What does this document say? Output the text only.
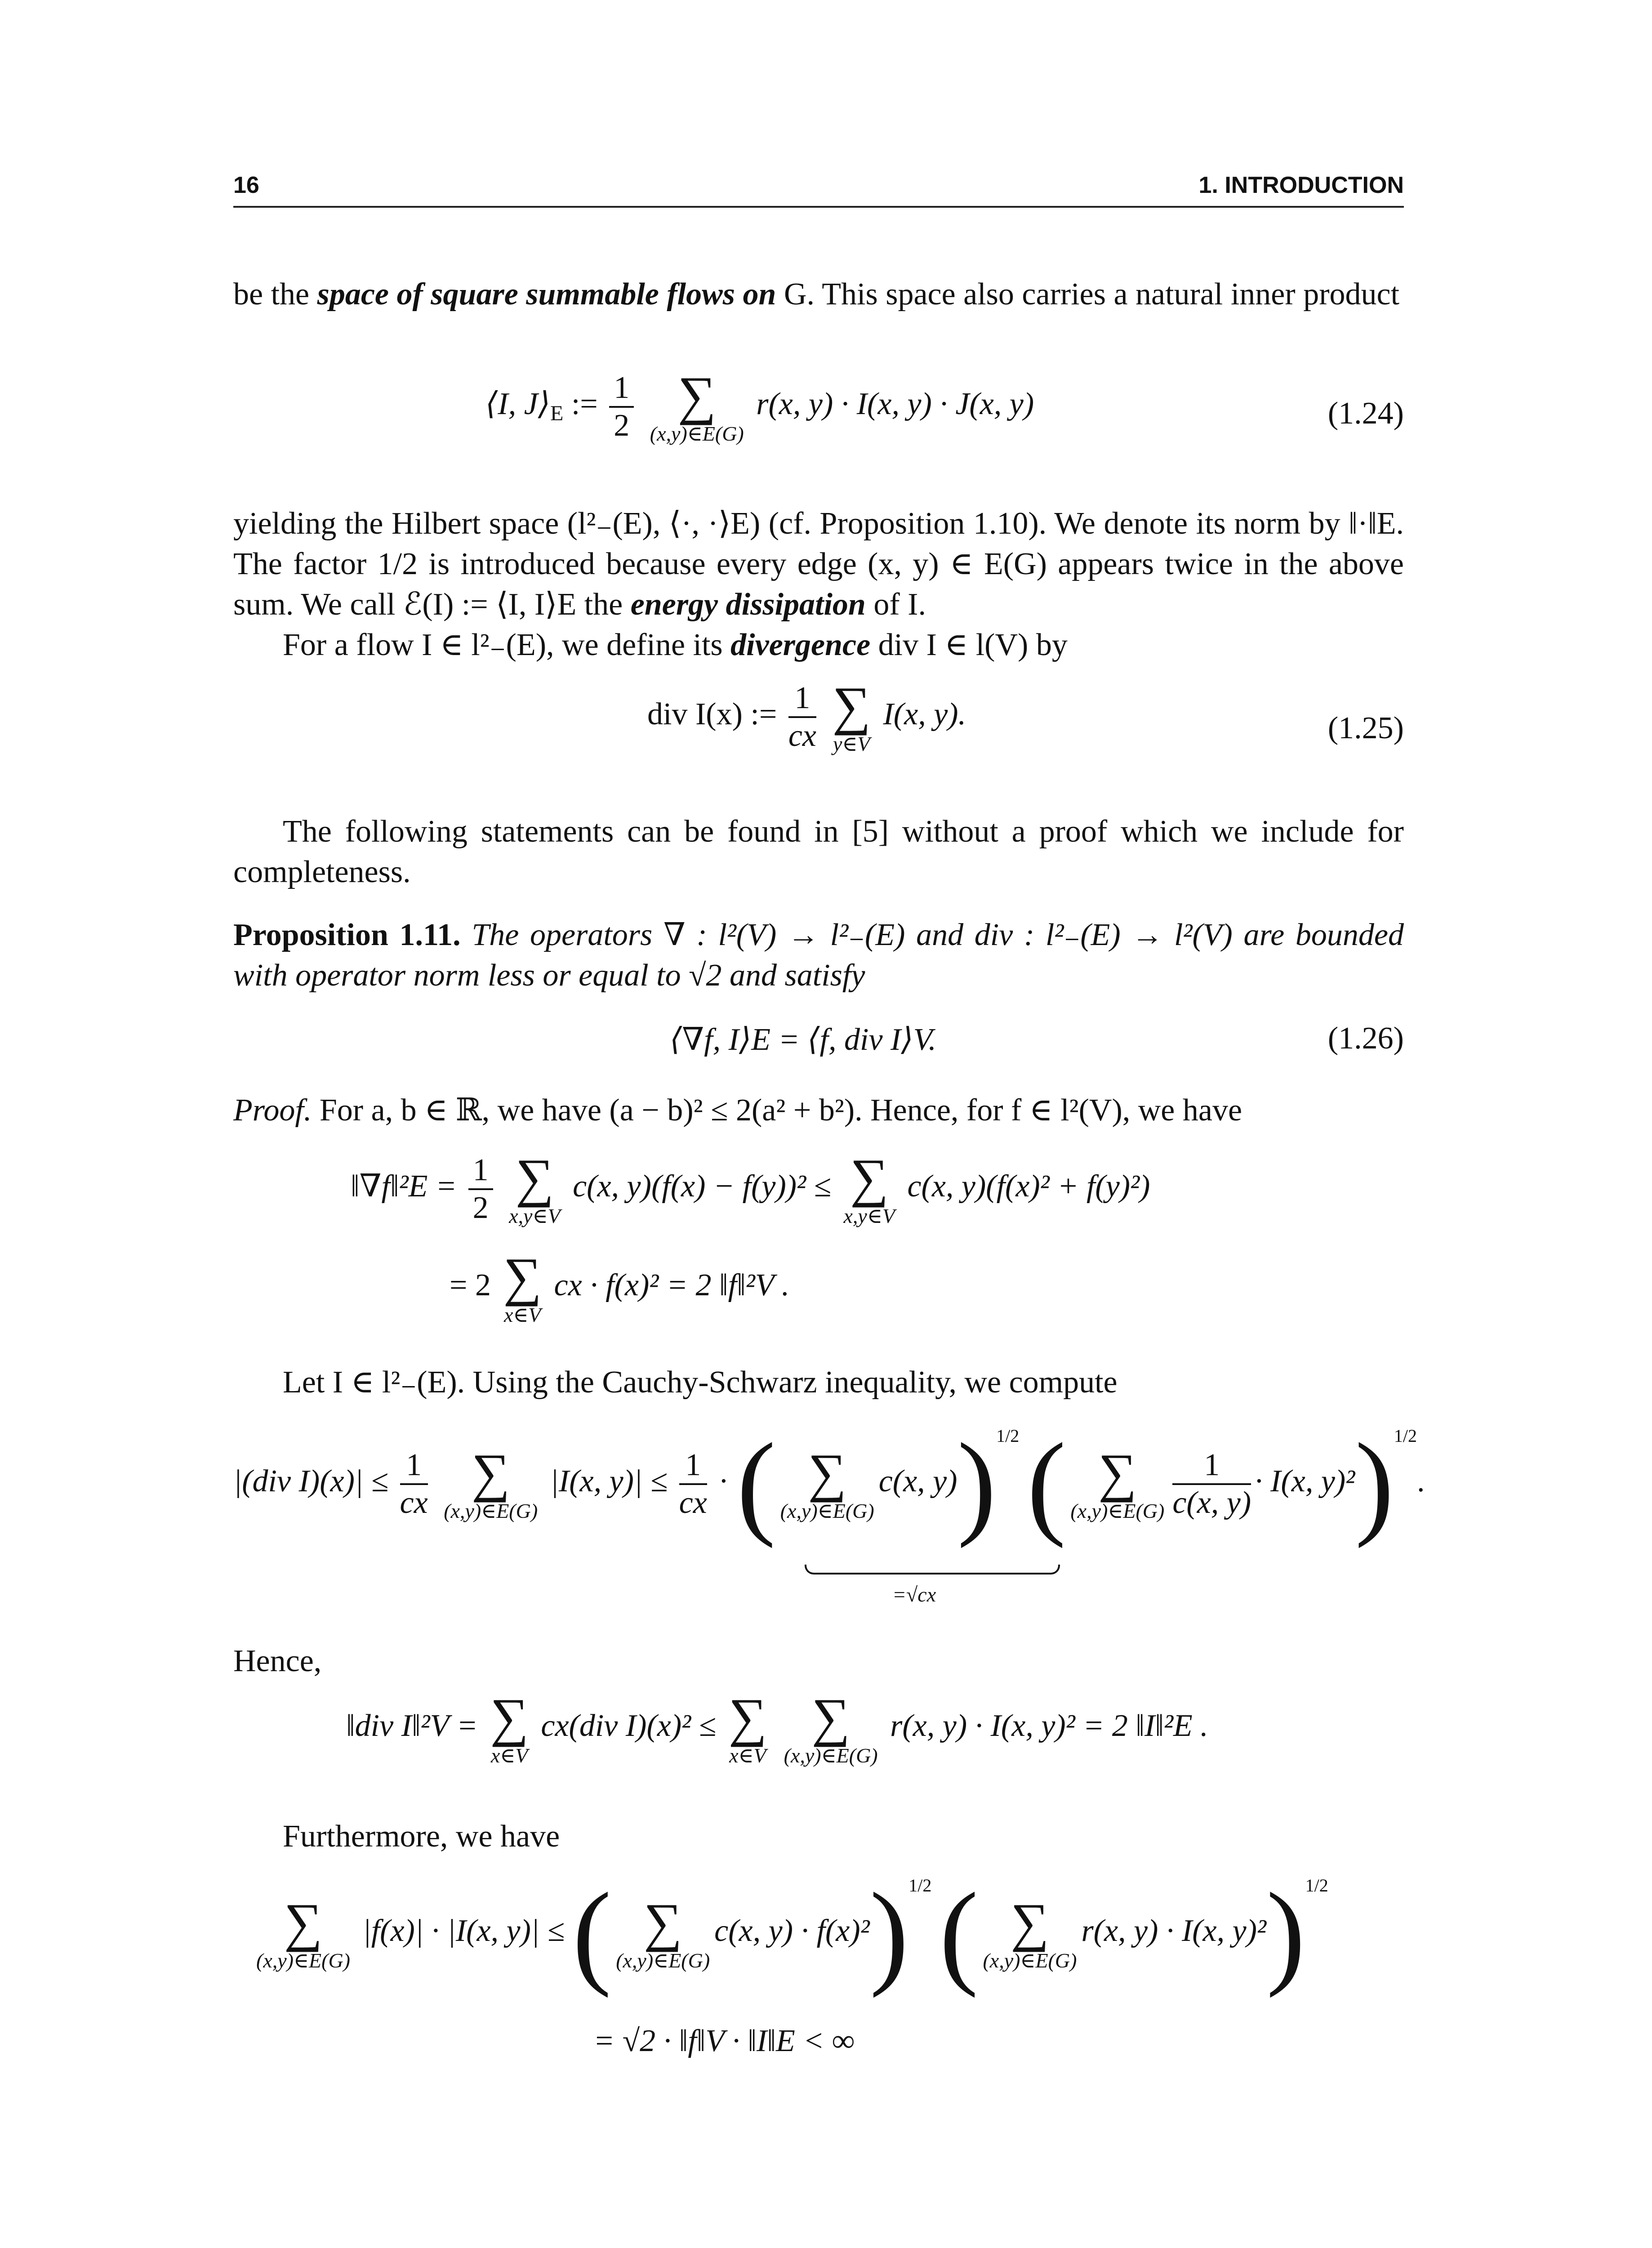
16	1. INTRODUCTION
be the space of square summable flows on G. This space also carries a natural inner product
⟨I, $J⟩_E$ := $\frac{1}{2}$
∑
(x,y)∈E(G)
r(x, y) · I(x, y) · J(x, y)	(1.24)
yielding the Hilbert space (l²₋(E), ⟨·, ·⟩E) (cf. Proposition 1.10). We denote its norm by ‖·‖E. The factor 1/2 is introduced because every edge (x, y) ∈ E(G) appears twice in the above sum. We call ℰ(I) := ⟨I, I⟩E the energy dissipation of I.
For a flow I ∈ l²₋(E), we define its divergence div I ∈ l(V) by
div I(x) := $\frac{1}{cx}$
∑
y∈V
I(x, y).	(1.25)
The following statements can be found in [5] without a proof which we include for completeness.
Proposition 1.11. The operators ∇ : l²(V) → l²₋(E) and div : l²₋(E) → l²(V) are bounded with operator norm less or equal to √2 and satisfy
⟨∇f, I⟩E = ⟨f, div I⟩V.	(1.26)
Proof. For a, b ∈ ℝ, we have (a − b)² ≤ 2(a² + b²). Hence, for f ∈ l²(V), we have
‖∇f‖²E = $\frac{1}{2}$
∑
x,y∈V
c(x, y)(f(x) − f(y))² ≤ ∑
x,y∈V
c(x, y)(f(x)² + f(y)²)
= 2 ∑
x∈V
cx · f(x)² = 2 ‖f‖²V .
Let I ∈ l²₋(E). Using the Cauchy-Schwarz inequality, we compute
|(div $I)(x)| \le \frac{1}{cx}$
∑
(x,y)∈E(G)
|I(x, $y)| \le \frac{1}{cx}$ · ( ∑
(x,y)∈E(G)
c(x, y))$^{1/2}$ ( ∑
(x,y)∈E(G) $\frac{1}{c(x, y)} \cdot I(x$, y)²)$^{1/2}$.
=√cx
Hence,
‖div I‖²V = ∑
x∈V
cx(div I)(x)² ≤ ∑
x∈V

∑
(x,y)∈E(G)
r(x, y) · I(x, y)² = 2 ‖I‖²E .
Furthermore, we have
∑
(x,y)∈E(G)
|f(x)| · |I(x, y)| ≤ ( ∑
(x,y)∈E(G)
c(x, y) · f(x)²)$^{1/2}$ ( ∑
(x,y)∈E(G)
r(x, y) · I(x, y)²)$^{1/2}$
= √2 · ‖f‖V · ‖I‖E < ∞
